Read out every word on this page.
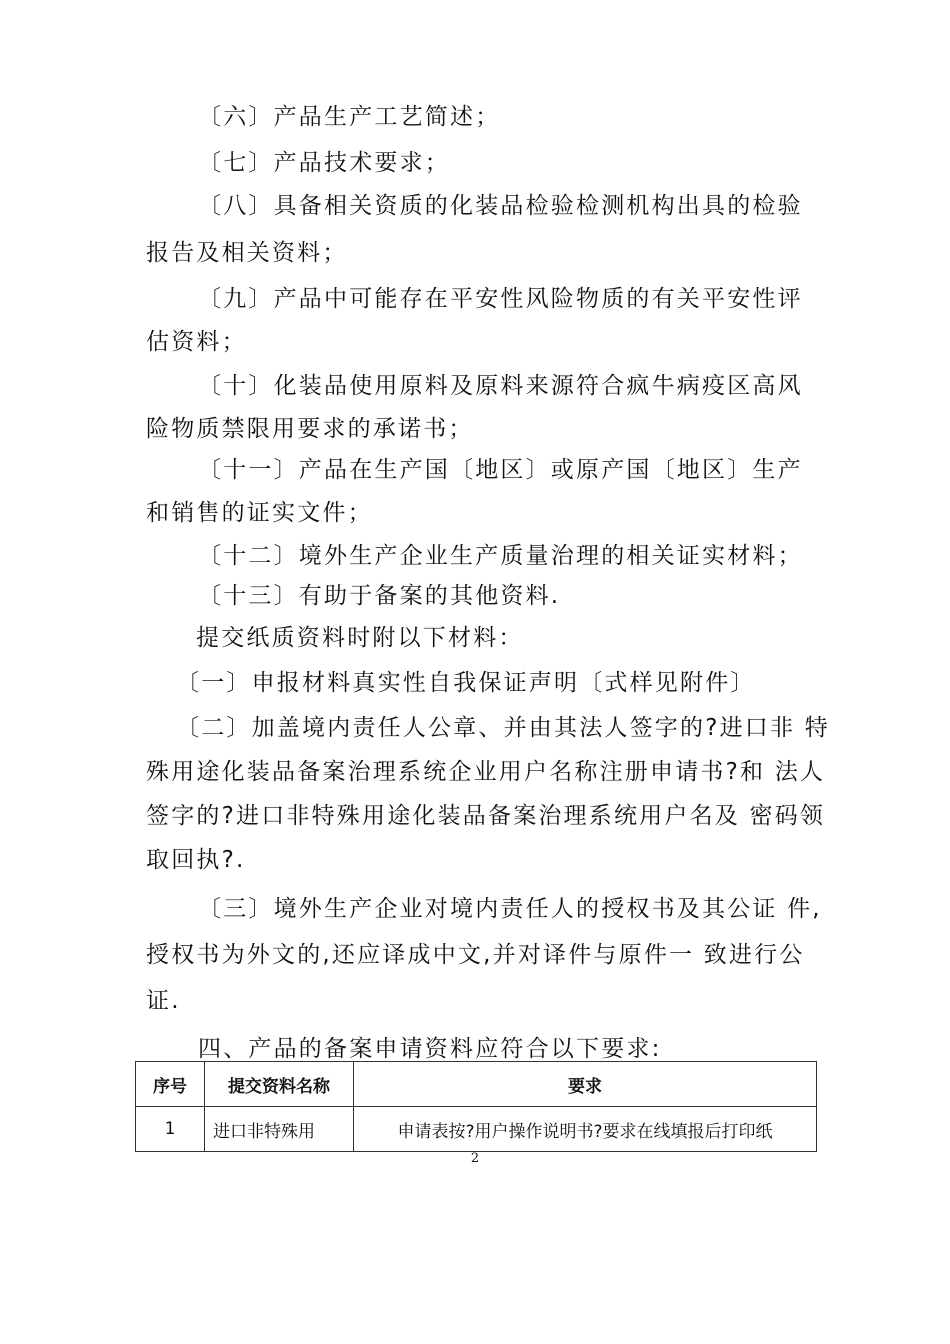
〔六〕产品生产工艺简述；
〔七〕产品技术要求；
〔八〕具备相关资质的化装品检验检测机构出具的检验
报告及相关资料；
〔九〕产品中可能存在平安性风险物质的有关平安性评
估资料；
〔十〕化装品使用原料及原料来源符合疯牛病疫区高风
险物质禁限用要求的承诺书；
〔十一〕产品在生产国〔地区〕或原产国〔地区〕生产
和销售的证实文件；
〔十二〕境外生产企业生产质量治理的相关证实材料；
〔十三〕有助于备案的其他资料.
提交纸质资料时附以下材料：
〔一〕申报材料真实性自我保证声明〔式样见附件〕
〔二〕加盖境内责任人公章、并由其法人签字的?进口非 特
殊用途化装品备案治理系统企业用户名称注册申请书?和 法人
签字的?进口非特殊用途化装品备案治理系统用户名及 密码领
取回执?.
〔三〕境外生产企业对境内责任人的授权书及其公证 件,
授权书为外文的,还应译成中文,并对译件与原件一 致进行公
证.
四、产品的备案申请资料应符合以下要求:
序号	提交资料名称	要求
1	进口非特殊用	申请表按?用户操作说明书?要求在线填报后打印纸
2
